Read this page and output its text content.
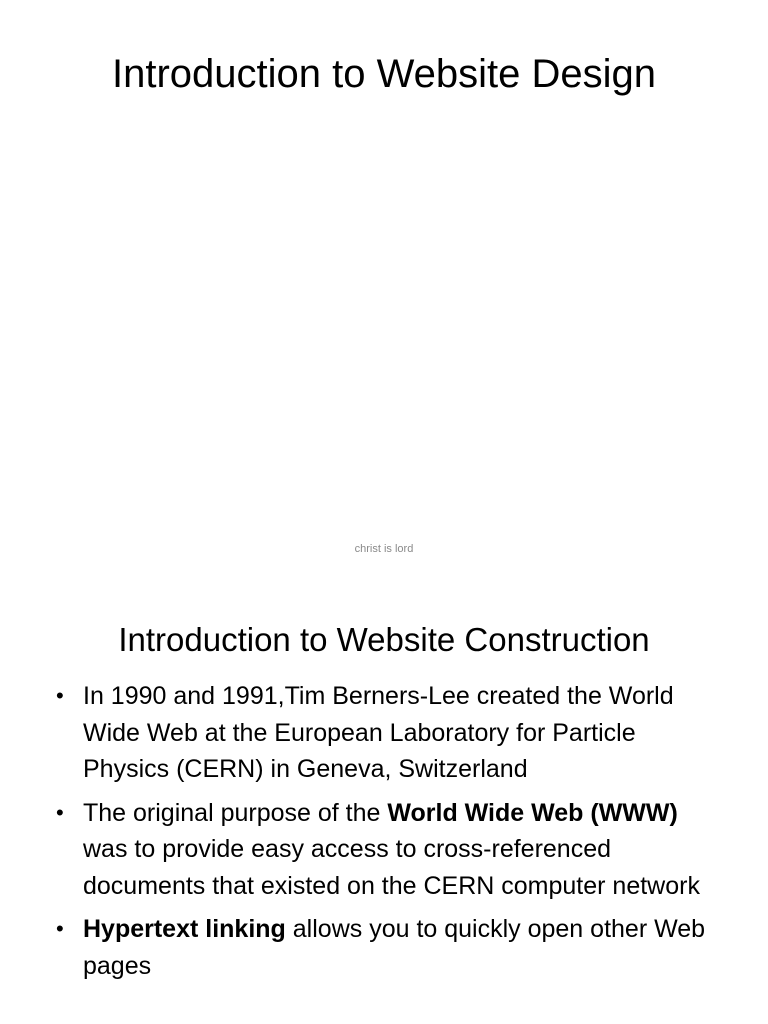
Introduction to Website Design
christ is lord
Introduction to Website Construction
• In 1990 and 1991,Tim Berners-Lee created the World Wide Web at the European Laboratory for Particle Physics (CERN) in Geneva, Switzerland
• The original purpose of the World Wide Web (WWW) was to provide easy access to cross-referenced documents that existed on the CERN computer network
• Hypertext linking allows you to quickly open other Web pages
